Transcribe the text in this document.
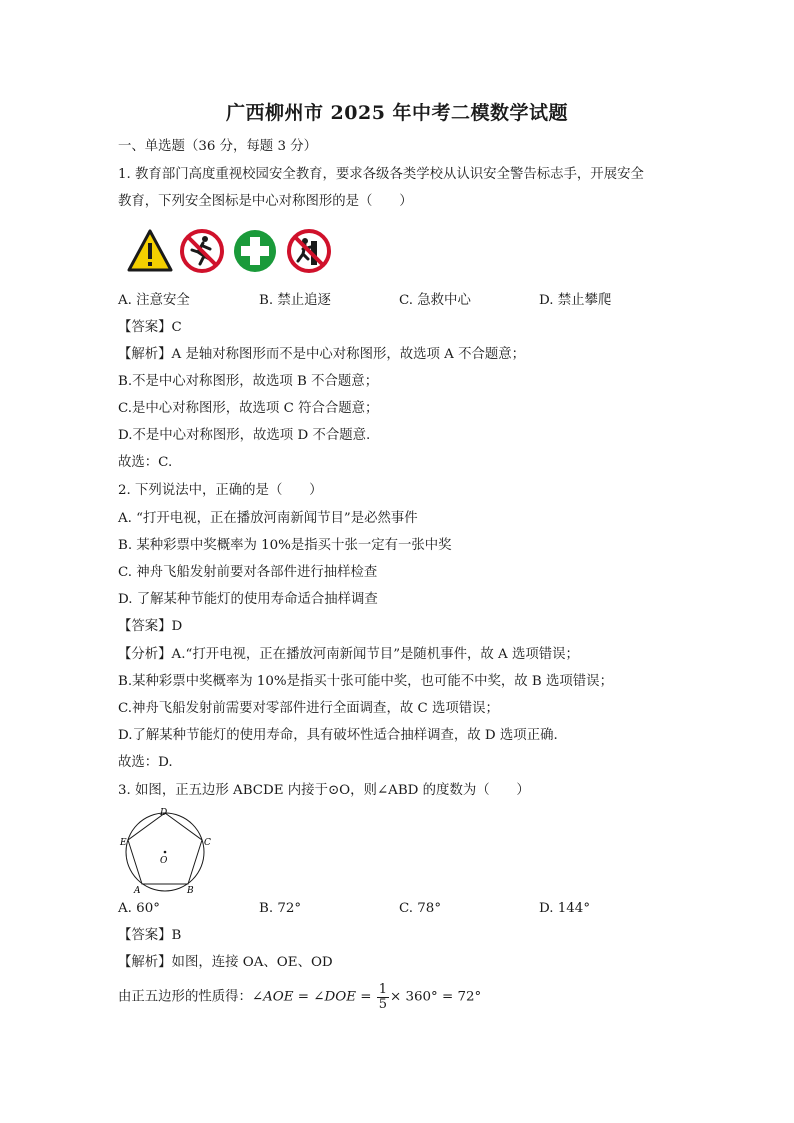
广西柳州市 2025 年中考二模数学试题
一、单选题（36 分，每题 3 分）
1. 教育部门高度重视校园安全教育，要求各级各类学校从认识安全警告标志手，开展安全
教育，下列安全图标是中心对称图形的是（　　）
A. 注意安全	B. 禁止追逐	C. 急救中心	D. 禁止攀爬
【答案】C
【解析】A 是轴对称图形而不是中心对称图形，故选项 A 不合题意；
B.不是中心对称图形，故选项 B 不合题意；
C.是中心对称图形，故选项 C 符合合题意；
D.不是中心对称图形，故选项 D 不合题意.
故选：C.
2. 下列说法中，正确的是（　　）
A. “打开电视，正在播放河南新闻节目”是必然事件
B. 某种彩票中奖概率为 10%是指买十张一定有一张中奖
C. 神舟飞船发射前要对各部件进行抽样检查
D. 了解某种节能灯的使用寿命适合抽样调查
【答案】D
【分析】A.“打开电视，正在播放河南新闻节目”是随机事件，故 A 选项错误；
B.某种彩票中奖概率为 10%是指买十张可能中奖，也可能不中奖，故 B 选项错误；
C.神舟飞船发射前需要对零部件进行全面调查，故 C 选项错误；
D.了解某种节能灯的使用寿命，具有破坏性适合抽样调查，故 D 选项正确.
故选：D.
3. 如图，正五边形 ABCDE 内接于⊙O，则∠ABD 的度数为（　　）
D
C
B
A
E
O
A. 60°	B. 72°	C. 78°	D. 144°
【答案】B
【解析】如图，连接 OA、OE、OD
由正五边形的性质得：∠AOE = ∠DOE = $\frac{1}{5} \times 360^\circ = 72^\circ$
